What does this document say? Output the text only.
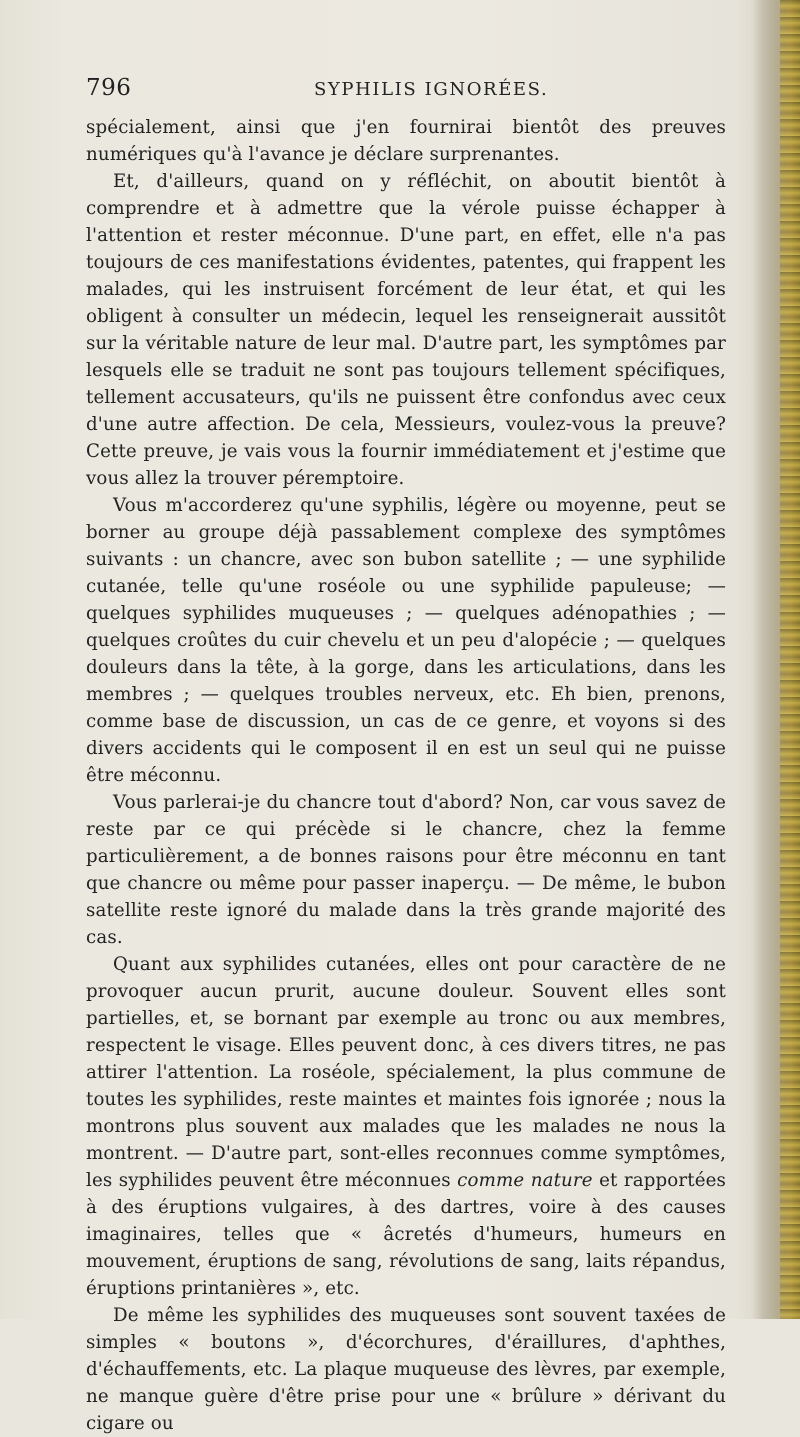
796	SYPHILIS IGNORÉES.

spécialement, ainsi que j'en fournirai bientôt des preuves numériques qu'à l'avance je déclare surprenantes.

Et, d'ailleurs, quand on y réfléchit, on aboutit bientôt à comprendre et à admettre que la vérole puisse échapper à l'attention et rester méconnue. D'une part, en effet, elle n'a pas toujours de ces manifestations évidentes, patentes, qui frappent les malades, qui les instruisent forcément de leur état, et qui les obligent à consulter un médecin, lequel les renseignerait aussitôt sur la véritable nature de leur mal. D'autre part, les symptômes par lesquels elle se traduit ne sont pas toujours tellement spécifiques, tellement accusateurs, qu'ils ne puissent être confondus avec ceux d'une autre affection. De cela, Messieurs, voulez-vous la preuve? Cette preuve, je vais vous la fournir immédiatement et j'estime que vous allez la trouver péremptoire.

Vous m'accorderez qu'une syphilis, légère ou moyenne, peut se borner au groupe déjà passablement complexe des symptômes suivants : un chancre, avec son bubon satellite ; — une syphilide cutanée, telle qu'une roséole ou une syphilide papuleuse; — quelques syphilides muqueuses ; — quelques adénopathies ; — quelques croûtes du cuir chevelu et un peu d'alopécie ; — quelques douleurs dans la tête, à la gorge, dans les articulations, dans les membres ; — quelques troubles nerveux, etc. Eh bien, prenons, comme base de discussion, un cas de ce genre, et voyons si des divers accidents qui le composent il en est un seul qui ne puisse être méconnu.

Vous parlerai-je du chancre tout d'abord? Non, car vous savez de reste par ce qui précède si le chancre, chez la femme particulièrement, a de bonnes raisons pour être méconnu en tant que chancre ou même pour passer inaperçu. — De même, le bubon satellite reste ignoré du malade dans la très grande majorité des cas.

Quant aux syphilides cutanées, elles ont pour caractère de ne provoquer aucun prurit, aucune douleur. Souvent elles sont partielles, et, se bornant par exemple au tronc ou aux membres, respectent le visage. Elles peuvent donc, à ces divers titres, ne pas attirer l'attention. La roséole, spécialement, la plus commune de toutes les syphilides, reste maintes et maintes fois ignorée ; nous la montrons plus souvent aux malades que les malades ne nous la montrent. — D'autre part, sont-elles reconnues comme symptômes, les syphilides peuvent être méconnues comme nature et rapportées à des éruptions vulgaires, à des dartres, voire à des causes imaginaires, telles que « âcretés d'humeurs, humeurs en mouvement, éruptions de sang, révolutions de sang, laits répandus, éruptions printanières », etc.

De même les syphilides des muqueuses sont souvent taxées de simples « boutons », d'écorchures, d'éraillures, d'aphthes, d'échauffements, etc. La plaque muqueuse des lèvres, par exemple, ne manque guère d'être prise pour une « brûlure » dérivant du cigare ou
